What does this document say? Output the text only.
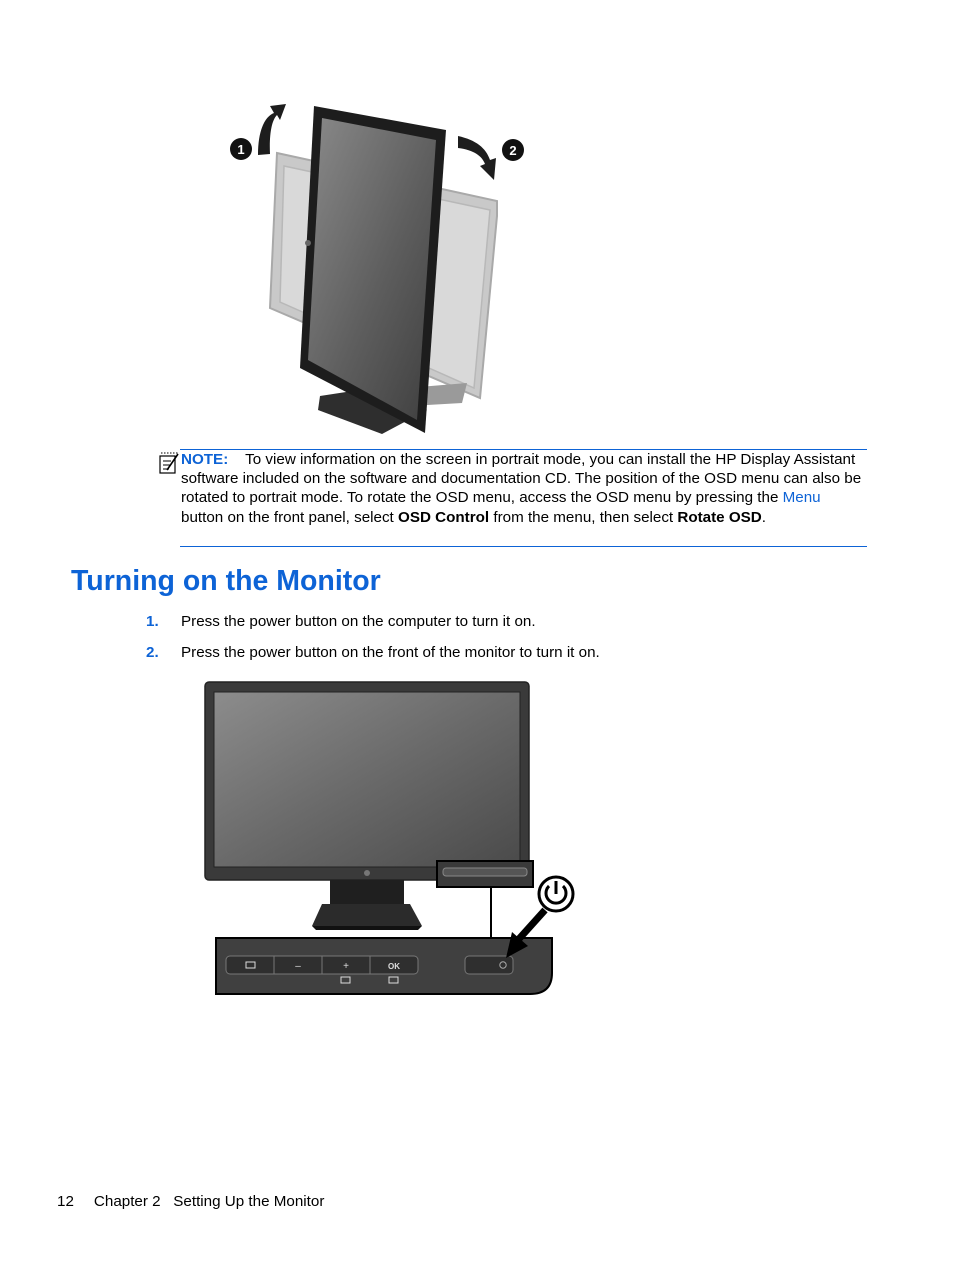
1	2
NOTE: To view information on the screen in portrait mode, you can install the HP Display Assistant software included on the software and documentation CD. The position of the OSD menu can also be rotated to portrait mode. To rotate the OSD menu, access the OSD menu by pressing the Menu button on the front panel, select OSD Control from the menu, then select Rotate OSD.
Turning on the Monitor
1. Press the power button on the computer to turn it on.
2. Press the power button on the front of the monitor to turn it on.
–	+	OK
12 Chapter 2 Setting Up the Monitor
